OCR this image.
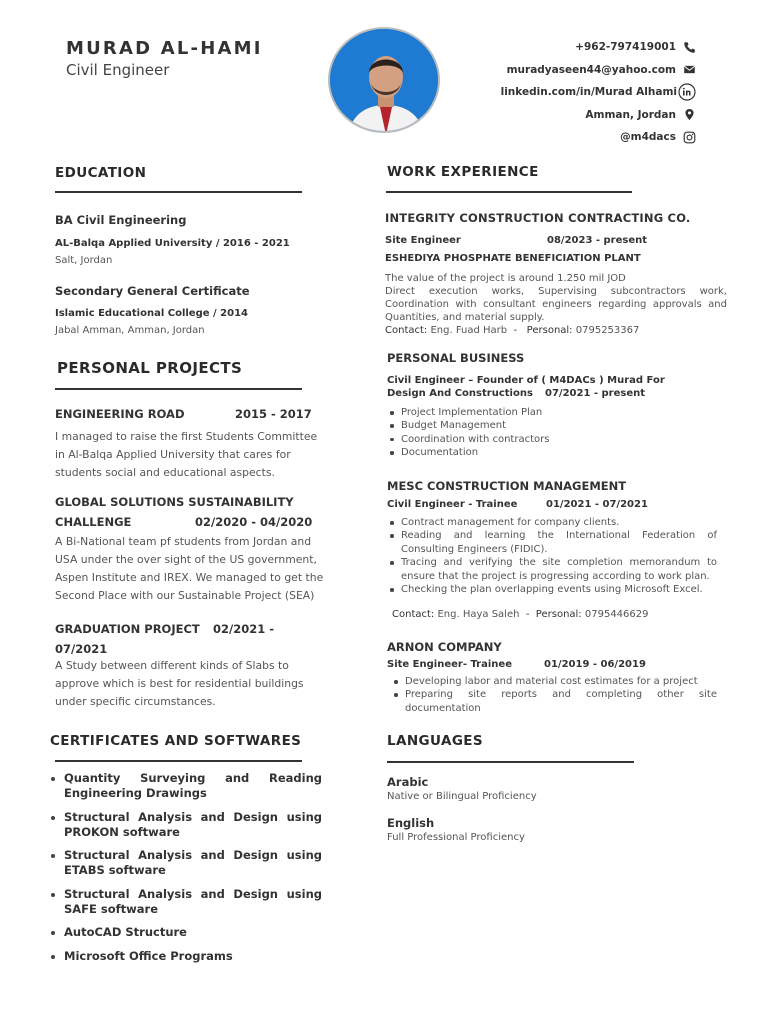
MURAD AL-HAMI
Civil Engineer
+962-797419001
muradyaseen44@yahoo.com
linkedin.com/in/Murad Alhami
Amman, Jordan
@m4dacs
EDUCATION
BA Civil Engineering
AL-Balqa Applied University / 2016 - 2021
Salt, Jordan
Secondary General Certificate
Islamic Educational College / 2014
Jabal Amman, Amman, Jordan
PERSONAL PROJECTS
ENGINEERING ROAD	2015 - 2017
I managed to raise the first Students Committee in Al-Balqa Applied University that cares for students social and educational aspects.
GLOBAL SOLUTIONS SUSTAINABILITY
CHALLENGE	02/2020 - 04/2020
A Bi-National team pf students from Jordan and USA under the over sight of the US government, Aspen Institute and IREX. We managed to get the Second Place with our Sustainable Project (SEA)
GRADUATION PROJECT 02/2021 -
07/2021
A Study between different kinds of Slabs to approve which is best for residential buildings under specific circumstances.
CERTIFICATES AND SOFTWARES
Quantity Surveying and Reading Engineering Drawings
Structural Analysis and Design using PROKON software
Structural Analysis and Design using ETABS software
Structural Analysis and Design using SAFE software
AutoCAD Structure
Microsoft Office Programs
WORK EXPERIENCE
INTEGRITY CONSTRUCTION CONTRACTING CO.
Site Engineer	08/2023 - present
ESHEDIYA PHOSPHATE BENEFICIATION PLANT
The value of the project is around 1.250 mil JOD
Direct execution works, Supervising subcontractors work, Coordination with consultant engineers regarding approvals and Quantities, and material supply.
Contact: Eng. Fuad Harb  -   Personal: 0795253367
PERSONAL BUSINESS
Civil Engineer – Founder of ( M4DACs ) Murad For
Design And Constructions 07/2021 - present
Project Implementation Plan
Budget Management
Coordination with contractors
Documentation
MESC CONSTRUCTION MANAGEMENT
Civil Engineer - Trainee	01/2021 - 07/2021
Contract management for company clients.
Reading and learning the International Federation of Consulting Engineers (FIDIC).
Tracing and verifying the site completion memorandum to ensure that the project is progressing according to work plan.
Checking the plan overlapping events using Microsoft Excel.
Contact: Eng. Haya Saleh  -  Personal: 0795446629
ARNON COMPANY
Site Engineer- Trainee	01/2019 - 06/2019
Developing labor and material cost estimates for a project
Preparing site reports and completing other site documentation
LANGUAGES
Arabic
Native or Bilingual Proficiency
English
Full Professional Proficiency
